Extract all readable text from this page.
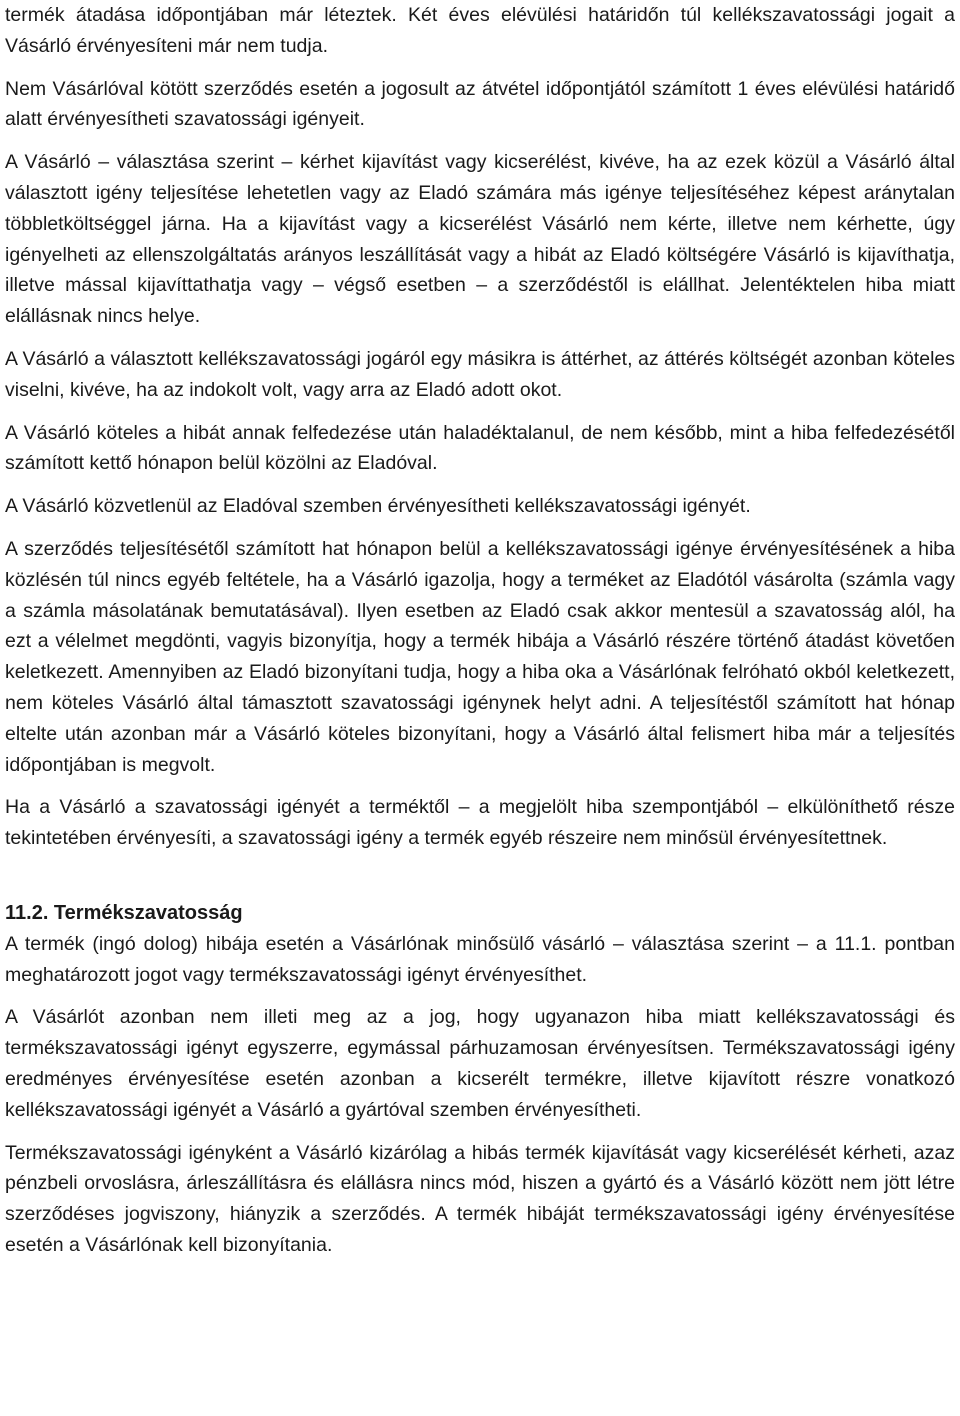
termék átadása időpontjában már léteztek. Két éves elévülési határidőn túl kellékszavatossági jogait a Vásárló érvényesíteni már nem tudja.

Nem Vásárlóval kötött szerződés esetén a jogosult az átvétel időpontjától számított 1 éves elévülési határidő alatt érvényesítheti szavatossági igényeit.

A Vásárló – választása szerint – kérhet kijavítást vagy kicserélést, kivéve, ha az ezek közül a Vásárló által választott igény teljesítése lehetetlen vagy az Eladó számára más igénye teljesítéséhez képest aránytalan többletköltséggel járna. Ha a kijavítást vagy a kicserélést Vásárló nem kérte, illetve nem kérhette, úgy igényelheti az ellenszolgáltatás arányos leszállítását vagy a hibát az Eladó költségére Vásárló is kijavíthatja, illetve mással kijavíttathatja vagy – végső esetben – a szerződéstől is elállhat. Jelentéktelen hiba miatt elállásnak nincs helye.

A Vásárló a választott kellékszavatossági jogáról egy másikra is áttérhet, az áttérés költségét azonban köteles viselni, kivéve, ha az indokolt volt, vagy arra az Eladó adott okot.

A Vásárló köteles a hibát annak felfedezése után haladéktalanul, de nem később, mint a hiba felfedezésétől számított kettő hónapon belül közölni az Eladóval.

A Vásárló közvetlenül az Eladóval szemben érvényesítheti kellékszavatossági igényét.

A szerződés teljesítésétől számított hat hónapon belül a kellékszavatossági igénye érvényesítésének a hiba közlésén túl nincs egyéb feltétele, ha a Vásárló igazolja, hogy a terméket az Eladótól vásárolta (számla vagy a számla másolatának bemutatásával). Ilyen esetben az Eladó csak akkor mentesül a szavatosság alól, ha ezt a vélelmet megdönti, vagyis bizonyítja, hogy a termék hibája a Vásárló részére történő átadást követően keletkezett. Amennyiben az Eladó bizonyítani tudja, hogy a hiba oka a Vásárlónak felróható okból keletkezett, nem köteles Vásárló által támasztott szavatossági igénynek helyt adni. A teljesítéstől számított hat hónap eltelte után azonban már a Vásárló köteles bizonyítani, hogy a Vásárló által felismert hiba már a teljesítés időpontjában is megvolt.

Ha a Vásárló a szavatossági igényét a terméktől – a megjelölt hiba szempontjából – elkülöníthető része tekintetében érvényesíti, a szavatossági igény a termék egyéb részeire nem minősül érvényesítettnek.

11.2. Termékszavatosság

A termék (ingó dolog) hibája esetén a Vásárlónak minősülő vásárló – választása szerint – a 11.1. pontban meghatározott jogot vagy termékszavatossági igényt érvényesíthet.

A Vásárlót azonban nem illeti meg az a jog, hogy ugyanazon hiba miatt kellékszavatossági és termékszavatossági igényt egyszerre, egymással párhuzamosan érvényesítsen. Termékszavatossági igény eredményes érvényesítése esetén azonban a kicserélt termékre, illetve kijavított részre vonatkozó kellékszavatossági igényét a Vásárló a gyártóval szemben érvényesítheti.

Termékszavatossági igényként a Vásárló kizárólag a hibás termék kijavítását vagy kicserélését kérheti, azaz pénzbeli orvoslásra, árleszállításra és elállásra nincs mód, hiszen a gyártó és a Vásárló között nem jött létre szerződéses jogviszony, hiányzik a szerződés. A termék hibáját termékszavatossági igény érvényesítése esetén a Vásárlónak kell bizonyítania.
